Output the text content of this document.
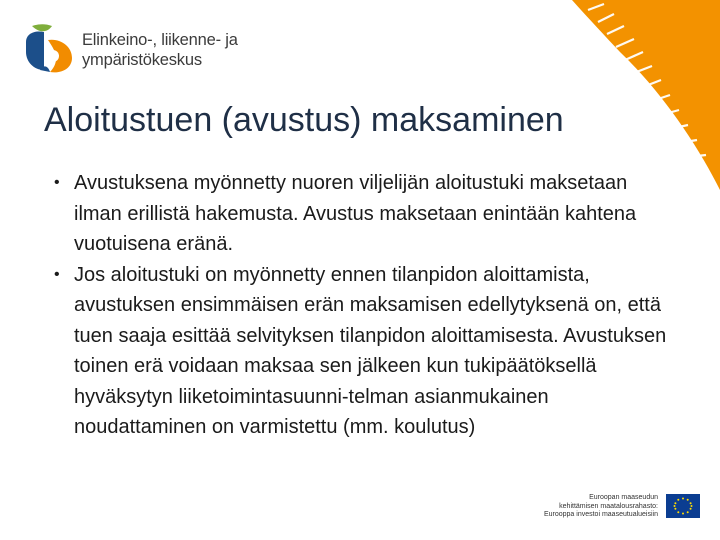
Elinkeino-, liikenne- ja
ympäristökeskus
Aloitustuen (avustus) maksaminen
• Avustuksena myönnetty nuoren viljelijän aloitustuki maksetaan ilman erillistä hakemusta. Avustus maksetaan enintään kahtena vuotuisena eränä.
• Jos aloitustuki on myönnetty ennen tilanpidon aloittamista, avustuksen ensimmäisen erän maksamisen edellytyksenä on, että tuen saaja esittää selvityksen tilanpidon aloittamisesta. Avustuksen toinen erä voidaan maksaa sen jälkeen kun tukipäätöksellä hyväksytyn liiketoimintasuunni-telman asianmukainen noudattaminen on varmistettu (mm. koulutus)
Euroopan maaseudun
kehittämisen maatalousrahasto:
Eurooppa investoi maaseutualueisiin
